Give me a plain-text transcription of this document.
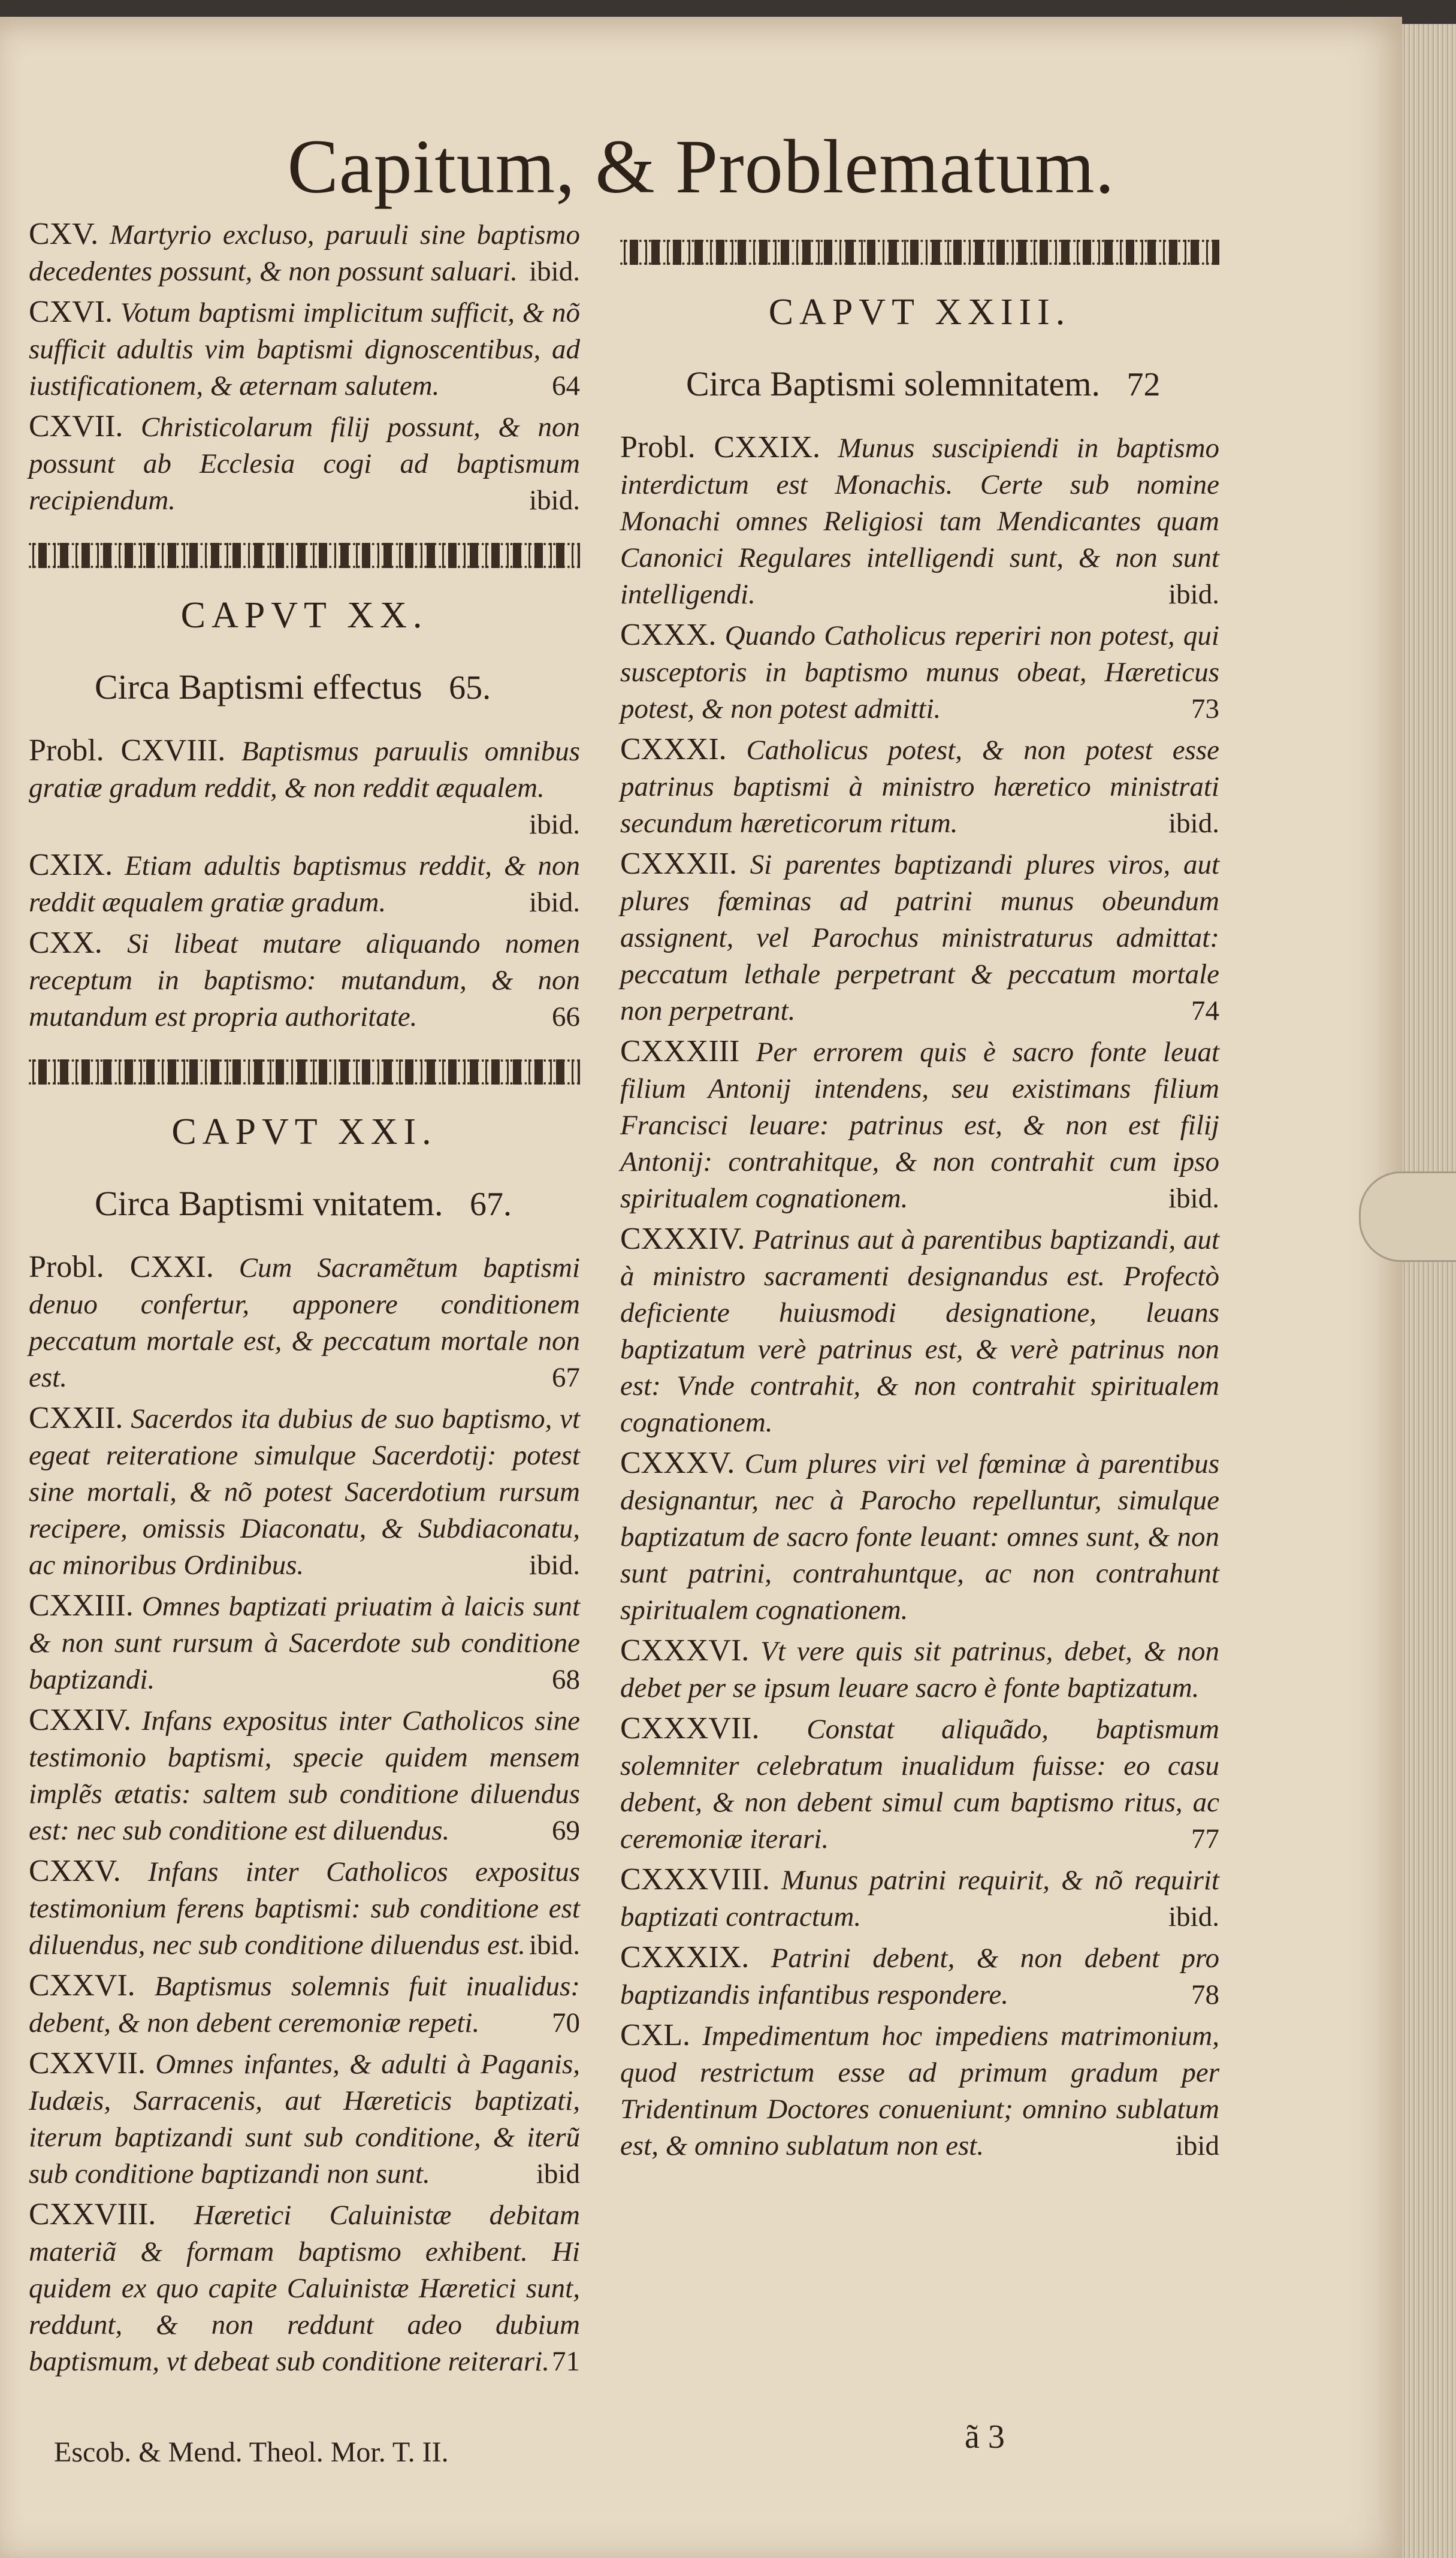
Capitum, & Problematum.
CXV. Martyrio excluso, paruuli sine baptismo decedentes possunt, & non possunt saluari. ibid.
CXVI. Votum baptismi implicitum sufficit, & nõ sufficit adultis vim baptismi dignoscentibus, ad iustificationem, & æternam salutem.	64
CXVII. Christicolarum filij possunt, & non possunt ab Ecclesia cogi ad baptismum recipiendum.	ibid.
CAPVT XX.
Circa Baptismi effectus 65.
Probl. CXVIII. Baptismus paruulis omnibus gratiæ gradum reddit, & non reddit æqualem.
ibid.
CXIX. Etiam adultis baptismus reddit, & non reddit æqualem gratiæ gradum.	ibid.
CXX. Si libeat mutare aliquando nomen receptum in baptismo: mutandum, & non mutandum est propria authoritate.	66
CAPVT XXI.
Circa Baptismi vnitatem. 67.
Probl. CXXI. Cum Sacramẽtum baptismi denuo confertur, apponere conditionem peccatum mortale est, & peccatum mortale non est.	67
CXXII. Sacerdos ita dubius de suo baptismo, vt egeat reiteratione simulque Sacerdotij: potest sine mortali, & nõ potest Sacerdotium rursum recipere, omissis Diaconatu, & Subdiaconatu, ac minoribus Ordinibus.	ibid.
CXXIII. Omnes baptizati priuatim à laicis sunt & non sunt rursum à Sacerdote sub conditione baptizandi.	68
CXXIV. Infans expositus inter Catholicos sine testimonio baptismi, specie quidem mensem implẽs ætatis: saltem sub conditione diluendus est: nec sub conditione est diluendus.	69
CXXV. Infans inter Catholicos expositus testimonium ferens baptismi: sub conditione est diluendus, nec sub conditione diluendus est. ibid.
CXXVI. Baptismus solemnis fuit inualidus: debent, & non debent ceremoniæ repeti.	70
CXXVII. Omnes infantes, & adulti à Paganis, Iudæis, Sarracenis, aut Hæreticis baptizati, iterum baptizandi sunt sub conditione, & iterũ sub conditione baptizandi non sunt.	ibid
CXXVIII. Hæretici Caluinistæ debitam materiã & formam baptismo exhibent. Hi quidem ex quo capite Caluinistæ Hæretici sunt, reddunt, & non reddunt adeo dubium baptismum, vt debeat sub conditione reiterari. 71
CAPVT XXIII.
Circa Baptismi solemnitatem. 72
Probl. CXXIX. Munus suscipiendi in baptismo interdictum est Monachis. Certe sub nomine Monachi omnes Religiosi tam Mendicantes quam Canonici Regulares intelligendi sunt, & non sunt intelligendi.	ibid.
CXXX. Quando Catholicus reperiri non potest, qui susceptoris in baptismo munus obeat, Hæreticus potest, & non potest admitti.	73
CXXXI. Catholicus potest, & non potest esse patrinus baptismi à ministro hæretico ministrati secundum hæreticorum ritum.	ibid.
CXXXII. Si parentes baptizandi plures viros, aut plures fœminas ad patrini munus obeundum assignent, vel Parochus ministraturus admittat: peccatum lethale perpetrant & peccatum mortale non perpetrant.	74
CXXXIII Per errorem quis è sacro fonte leuat filium Antonij intendens, seu existimans filium Francisci leuare: patrinus est, & non est filij Antonij: contrahitque, & non contrahit cum ipso spiritualem cognationem.	ibid.
CXXXIV. Patrinus aut à parentibus baptizandi, aut à ministro sacramenti designandus est. Profectò deficiente huiusmodi designatione, leuans baptizatum verè patrinus est, & verè patrinus non est: Vnde contrahit, & non contrahit spiritualem cognationem.
CXXXV. Cum plures viri vel fœminæ à parentibus designantur, nec à Parocho repelluntur, simulque baptizatum de sacro fonte leuant: omnes sunt, & non sunt patrini, contrahuntque, ac non contrahunt spiritualem cognationem.
CXXXVI. Vt vere quis sit patrinus, debet, & non debet per se ipsum leuare sacro è fonte baptizatum.
CXXXVII. Constat aliquãdo, baptismum solemniter celebratum inualidum fuisse: eo casu debent, & non debent simul cum baptismo ritus, ac ceremoniæ iterari.	77
CXXXVIII. Munus patrini requirit, & nõ requirit baptizati contractum.	ibid.
CXXXIX. Patrini debent, & non debent pro baptizandis infantibus respondere.	78
CXL. Impedimentum hoc impediens matrimonium, quod restrictum esse ad primum gradum per Tridentinum Doctores conueniunt; omnino sublatum est, & omnino sublatum non est.	ibid
Escob. & Mend. Theol. Mor. T. II.	ã 3
